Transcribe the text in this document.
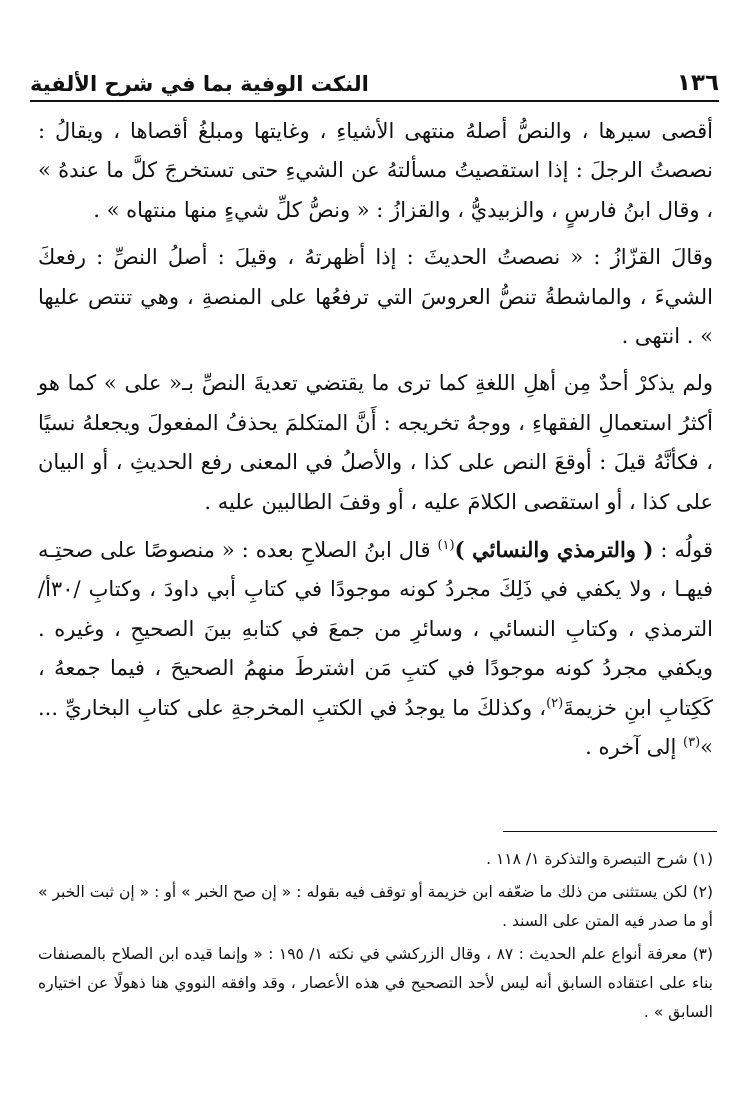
١٣٦
النكت الوفية بما في شرح الألفية

أقصى سيرها ، والنصُّ أصلهُ منتهى الأشياءِ ، وغايتها ومبلغُ أقصاها ، ويقالُ : نصصتُ الرجلَ : إذا استقصيتُ مسألتهُ عن الشيءِ حتى تستخرجَ كلَّ ما عندهُ » ، وقال ابنُ فارسٍ ، والزبيديُّ ، والقزازُ : « ونصُّ كلِّ شيءٍ منها منتهاه » .

وقالَ القزّازُ : « نصصتُ الحديثَ : إذا أظهرتهُ ، وقيلَ : أصلُ النصِّ : رفعكَ الشيءَ ، والماشطةُ تنصُّ العروسَ التي ترفعُها على المنصةِ ، وهي تنتص عليها » . انتهى .

ولم يذكرْ أحدٌ مِن أهلِ اللغةِ كما ترى ما يقتضي تعديةَ النصِّ بـ« على » كما هو أكثرُ استعمالِ الفقهاءِ ، ووجهُ تخريجه : أَنَّ المتكلمَ يحذفُ المفعولَ ويجعلهُ نسيًا ، فكأنَّهُ قيلَ : أوقعَ النص على كذا ، والأصلُ في المعنى رفع الحديثِ ، أو البيان على كذا ، أو استقصى الكلامَ عليه ، أو وقفَ الطالبين عليه .

قولُه : ( والترمذي والنسائي )$^{(١)}$ قال ابنُ الصلاحِ بعده : « منصوصًا على صحتِـه فيهـا ، ولا يكفي في ذَلِكَ مجردُ كونه موجودًا في كتابِ أبي داودَ ، وكتابِ /٣٠أ/ الترمذي ، وكتابِ النسائي ، وسائرِ من جمعَ في كتابهِ بينَ الصحيحِ ، وغيره . ويكفي مجردُ كونه موجودًا في كتبِ مَن اشترطَ منهمُ الصحيحَ ، فيما جمعهُ ، كَكِتابِ ابنِ خزيمةَ$^{(٢)}$، وكذلكَ ما يوجدُ في الكتبِ المخرجةِ على كتابِ البخاريِّ ... »$^{(٣)}$ إلى آخره .

(١) شرح التبصرة والتذكرة ١/ ١١٨ .

(٢) لكن يستثنى من ذلك ما ضعّفه ابن خزيمة أو توقف فيه بقوله : « إن صح الخبر » أو : « إن ثبت الخبر » أو ما صدر فيه المتن على السند .

(٣) معرفة أنواع علم الحديث : ٨٧ ، وقال الزركشي في نكته ١/ ١٩٥ : « وإنما قيده ابن الصلاح بالمصنفات بناء على اعتقاده السابق أنه ليس لأحد التصحيح في هذه الأعصار ، وقد وافقه النووي هنا ذهولًا عن اختياره السابق » .
